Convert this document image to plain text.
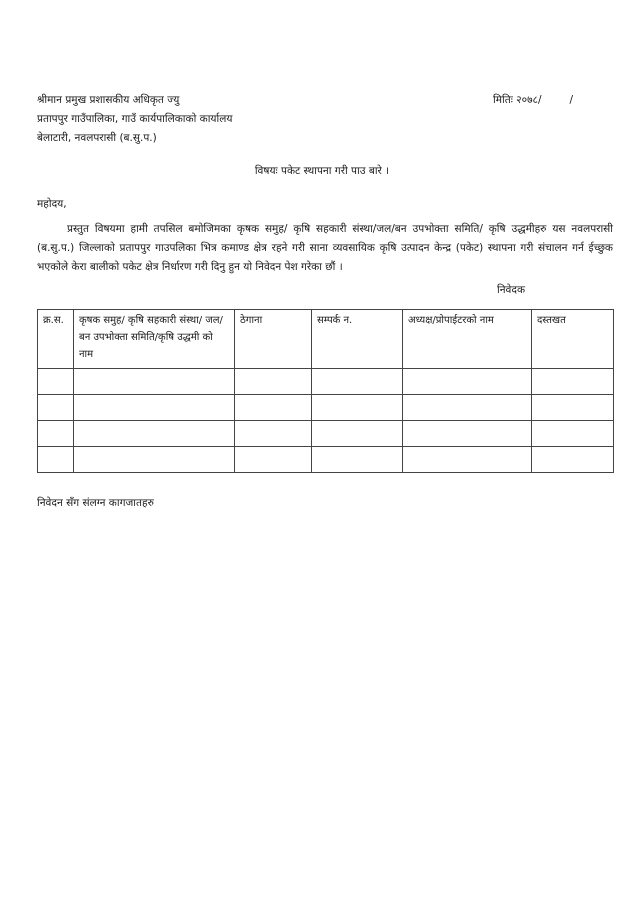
श्रीमान प्रमुख प्रशासकीय अधिकृत ज्यु
प्रतापपुर गाउँपालिका, गाउँ कार्यपालिकाको कार्यालय
बेलाटारी, नवलपरासी (ब.सु.प.)
मितिः २०७८/	/
विषयः पकेट स्थापना गरी पाउ बारे ।
महोदय,
प्रस्तुत विषयमा हामी तपसिल बमोजिमका कृषक समुह/ कृषि सहकारी संस्था/जल/बन उपभोक्ता समिति/ कृषि उद्धमीहरु यस नवलपरासी (ब.सु.प.) जिल्लाको प्रतापपुर गाउपलिका भित्र कमाण्ड क्षेत्र रहने गरी साना व्यवसायिक कृषि उत्पादन केन्द्र (पकेट) स्थापना गरी संचालन गर्न ईच्छुक भएकोले केरा बालीको पकेट क्षेत्र निर्धारण गरी दिनु हुन यो निवेदन पेश गरेका छौं ।
निवेदक
क्र.स.	कृषक समुह/ कृषि सहकारी संस्था/ जल/बन उपभोक्ता समिति/कृषि उद्धमी को नाम	ठेगाना	सम्पर्क न.	अध्यक्ष/प्रोपाईटरको नाम	दस्तखत

निवेदन सँग संलग्न कागजातहरु
